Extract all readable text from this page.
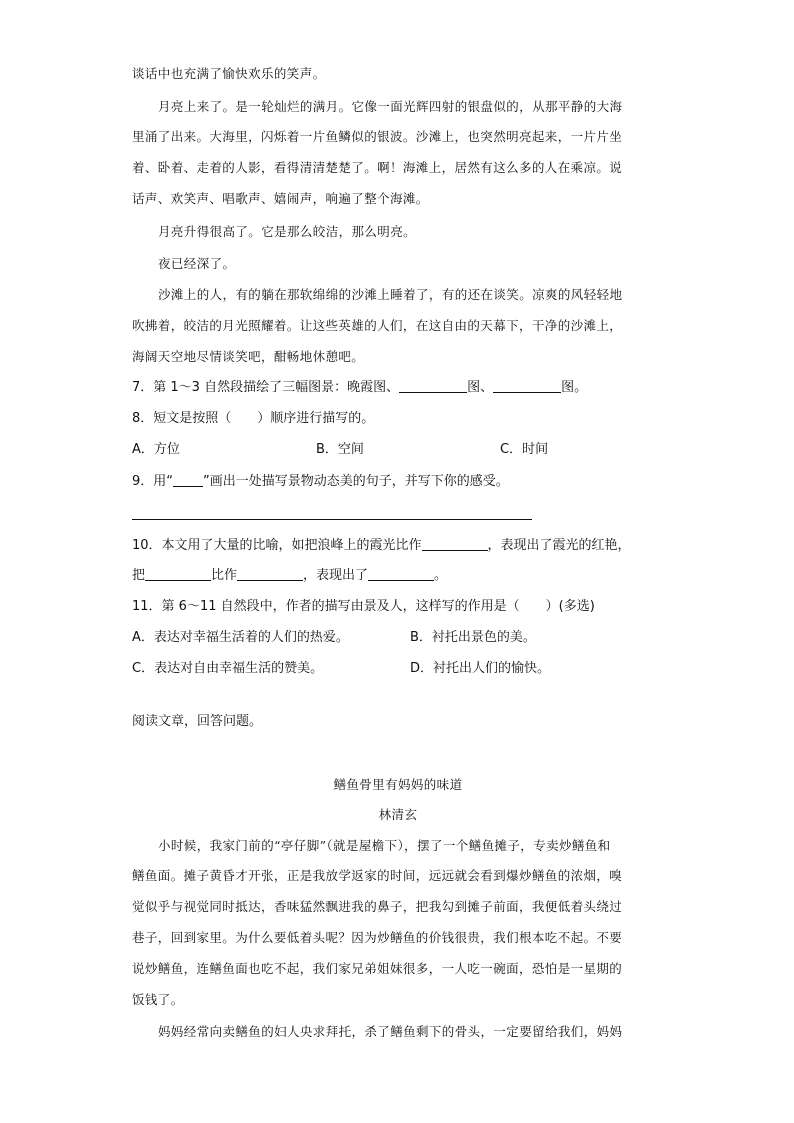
谈话中也充满了愉快欢乐的笑声。
月亮上来了。是一轮灿烂的满月。它像一面光辉四射的银盘似的，从那平静的大海
里涌了出来。大海里，闪烁着一片鱼鳞似的银波。沙滩上，也突然明亮起来，一片片坐
着、卧着、走着的人影，看得清清楚楚了。啊！海滩上，居然有这么多的人在乘凉。说
话声、欢笑声、唱歌声、嬉闹声，响遍了整个海滩。
月亮升得很高了。它是那么皎洁，那么明亮。
夜已经深了。
沙滩上的人，有的躺在那软绵绵的沙滩上睡着了，有的还在谈笑。凉爽的风轻轻地
吹拂着，皎洁的月光照耀着。让这些英雄的人们，在这自由的天幕下，干净的沙滩上，
海阔天空地尽情谈笑吧，酣畅地休憩吧。
7．第 1～3 自然段描绘了三幅图景：晚霞图、	图、	图。
8．短文是按照（　　）顺序进行描写的。
A．方位	B．空间	C．时间
9．用“ ”画出一处描写景物动态美的句子，并写下你的感受。
10．本文用了大量的比喻，如把浪峰上的霞光比作	，表现出了霞光的红艳，
把	比作	，表现出了	。
11．第 6～11 自然段中，作者的描写由景及人，这样写的作用是（　　）(多选)
A．表达对幸福生活着的人们的热爱。	B．衬托出景色的美。
C．表达对自由幸福生活的赞美。	D．衬托出人们的愉快。
阅读文章，回答问题。
鳝鱼骨里有妈妈的味道
林清玄
小时候，我家门前的“亭仔脚”（就是屋檐下），摆了一个鳝鱼摊子，专卖炒鳝鱼和
鳝鱼面。摊子黄昏才开张，正是我放学返家的时间，远远就会看到爆炒鳝鱼的浓烟，嗅
觉似乎与视觉同时抵达，香味猛然飘进我的鼻子，把我勾到摊子前面，我便低着头绕过
巷子，回到家里。为什么要低着头呢？因为炒鳝鱼的价钱很贵，我们根本吃不起。不要
说炒鳝鱼，连鳝鱼面也吃不起，我们家兄弟姐妹很多，一人吃一碗面，恐怕是一星期的
饭钱了。
妈妈经常向卖鳝鱼的妇人央求拜托，杀了鳝鱼剩下的骨头，一定要留给我们，妈妈
